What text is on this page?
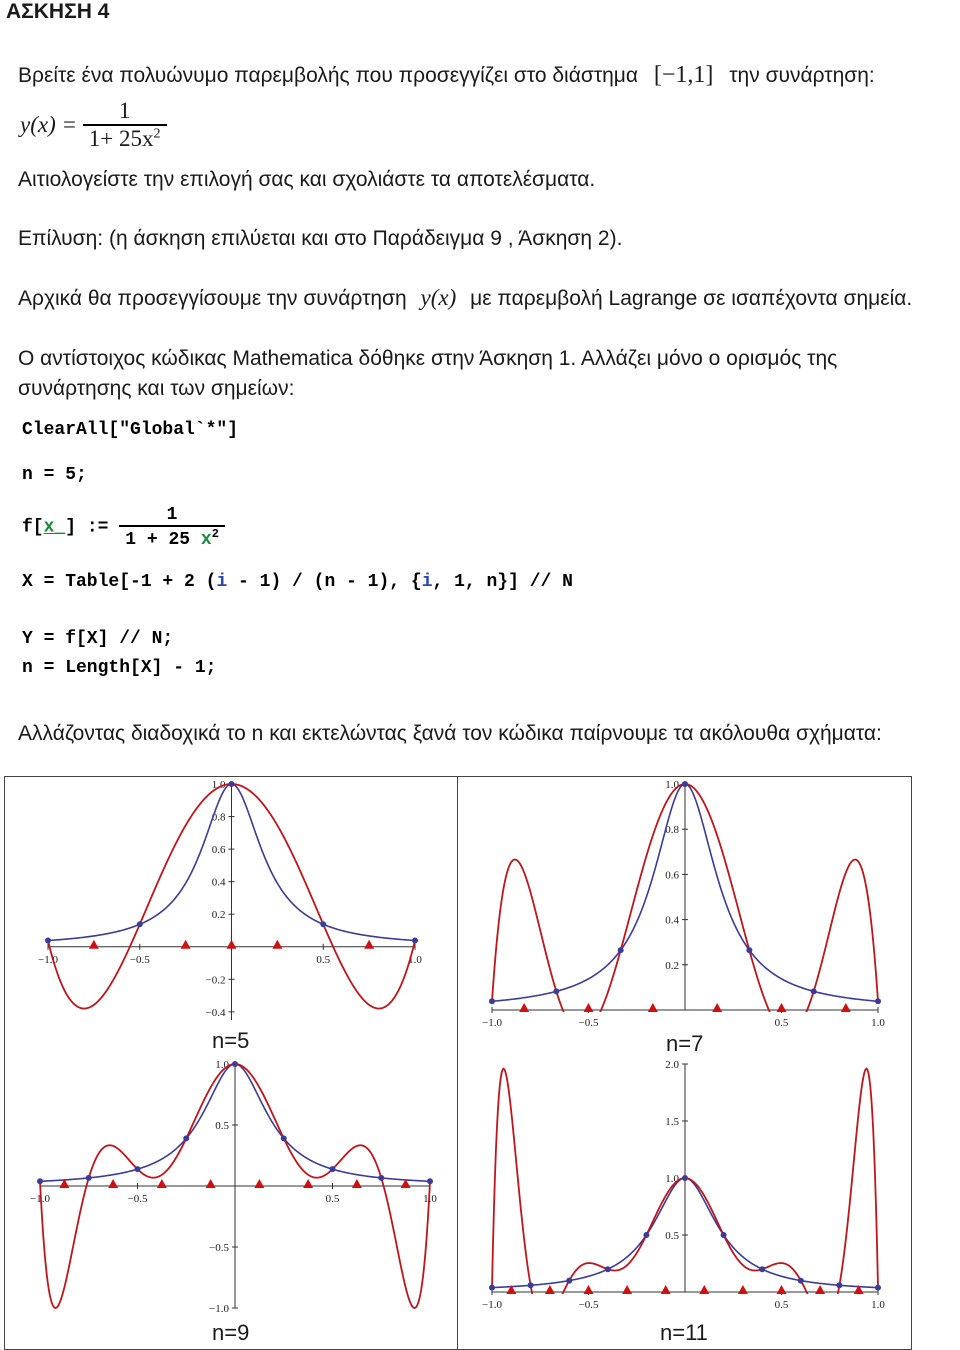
ΑΣΚΗΣΗ 4
Βρείτε ένα πολυώνυμο παρεμβολής που προσεγγίζει στο διάστημα [−1,1] την συνάρτηση:
$y(x) = \frac{1}{1+ 25x^2}$
Αιτιολογείστε την επιλογή σας και σχολιάστε τα αποτελέσματα.
Επίλυση: (η άσκηση επιλύεται και στο Παράδειγμα 9 , Άσκηση 2).
Αρχικά θα προσεγγίσουμε την συνάρτηση y(x) με παρεμβολή Lagrange σε ισαπέχοντα σημεία.
Ο αντίστοιχος κώδικας Mathematica δόθηκε στην Άσκηση 1. Αλλάζει μόνο ο ορισμός της
συνάρτησης και των σημείων:
ClearAll["Global`*"]
n = 5;
f[x_] := $\frac{1}{1 + 25 x^2}$
X = Table[-1 + 2 (i - 1) / (n - 1), {i, 1, n}] // N
Y = f[X] // N;
n = Length[X] - 1;
Αλλάζοντας διαδοχικά το n και εκτελώντας ξανά τον κώδικα παίρνουμε τα ακόλουθα σχήματα:
−1.0	−0.5	0.5	1.0
1.0
0.8
0.6
0.4
0.2
−0.2
−0.4
n=5
−1.0	−0.5	0.5	1.0
1.0
0.8
0.6
0.4
0.2
n=7
−1.0	−0.5	0.5	1.0
1.0
0.5
−0.5
−1.0
n=9
−1.0	−0.5	0.5	1.0
2.0
1.5
1.0
0.5
n=11
